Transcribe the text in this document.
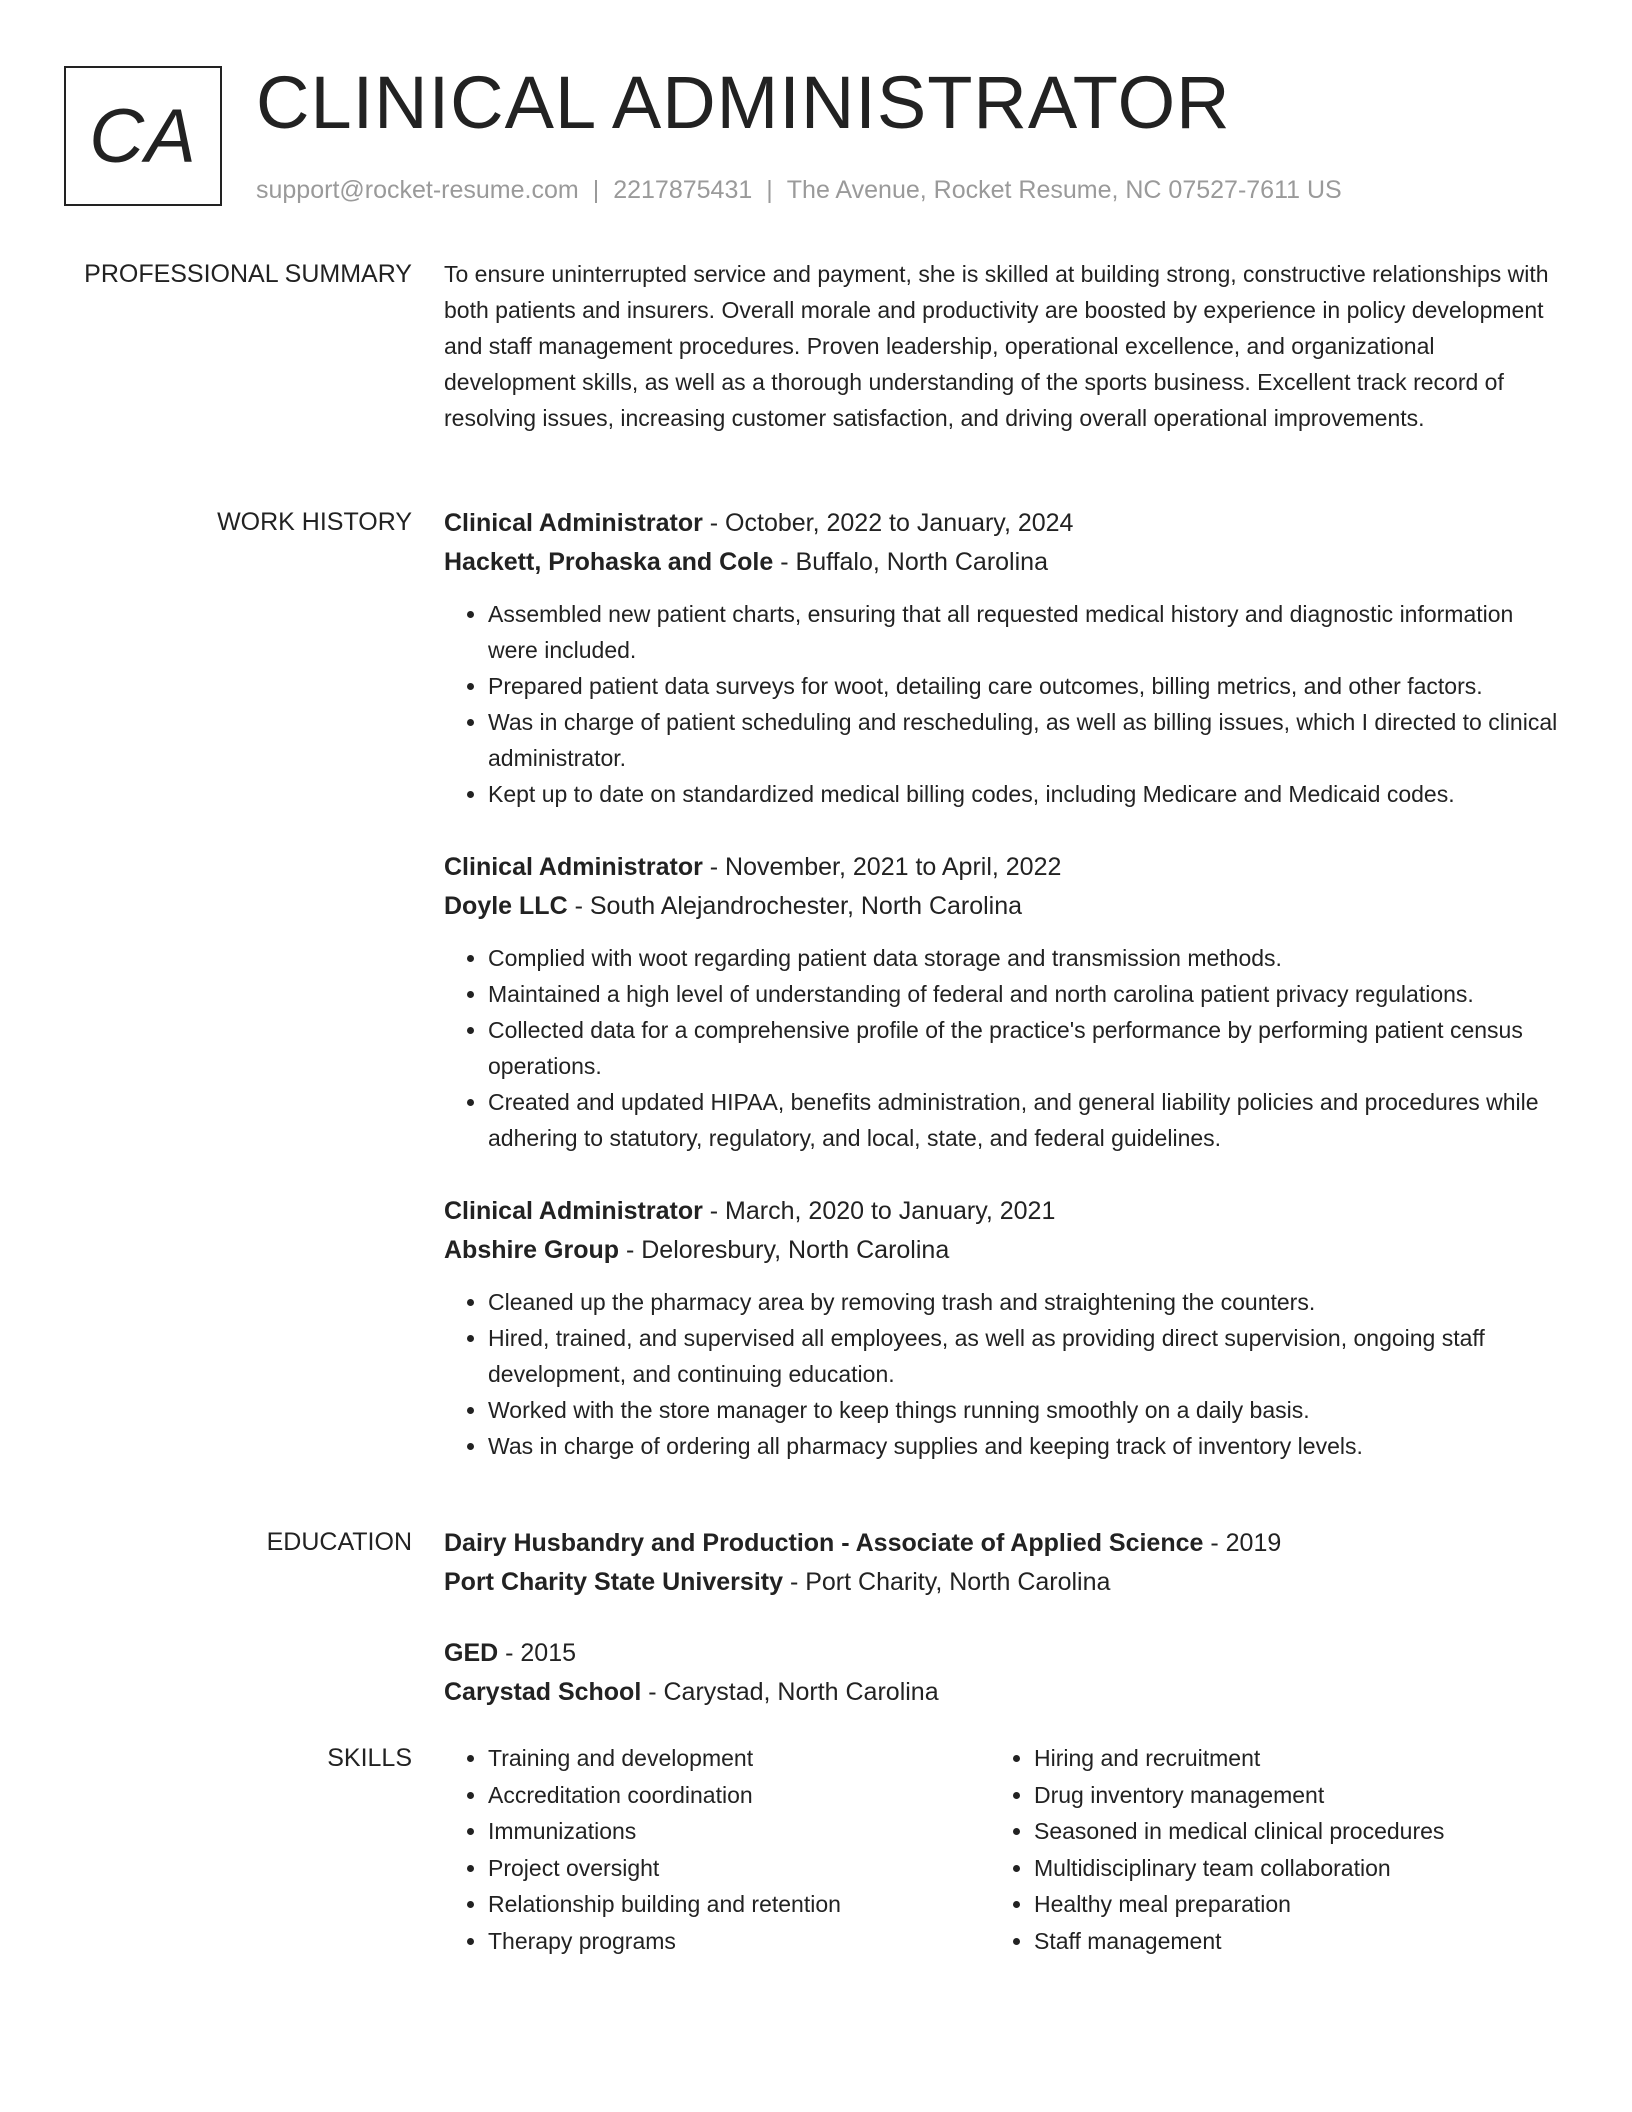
CA CLINICAL ADMINISTRATOR
support@rocket-resume.com | 2217875431 | The Avenue, Rocket Resume, NC 07527-7611 US
PROFESSIONAL SUMMARY To ensure uninterrupted service and payment, she is skilled at building strong, constructive relationships with both patients and insurers. Overall morale and productivity are boosted by experience in policy development and staff management procedures. Proven leadership, operational excellence, and organizational development skills, as well as a thorough understanding of the sports business. Excellent track record of resolving issues, increasing customer satisfaction, and driving overall operational improvements.

WORK HISTORY Clinical Administrator - October, 2022 to January, 2024
Hackett, Prohaska and Cole - Buffalo, North Carolina
• Assembled new patient charts, ensuring that all requested medical history and diagnostic information were included.
• Prepared patient data surveys for woot, detailing care outcomes, billing metrics, and other factors.
• Was in charge of patient scheduling and rescheduling, as well as billing issues, which I directed to clinical administrator.
• Kept up to date on standardized medical billing codes, including Medicare and Medicaid codes.
Clinical Administrator - November, 2021 to April, 2022
Doyle LLC - South Alejandrochester, North Carolina
• Complied with woot regarding patient data storage and transmission methods.
• Maintained a high level of understanding of federal and north carolina patient privacy regulations.
• Collected data for a comprehensive profile of the practice's performance by performing patient census operations.
• Created and updated HIPAA, benefits administration, and general liability policies and procedures while adhering to statutory, regulatory, and local, state, and federal guidelines.
Clinical Administrator - March, 2020 to January, 2021
Abshire Group - Deloresbury, North Carolina
• Cleaned up the pharmacy area by removing trash and straightening the counters.
• Hired, trained, and supervised all employees, as well as providing direct supervision, ongoing staff development, and continuing education.
• Worked with the store manager to keep things running smoothly on a daily basis.
• Was in charge of ordering all pharmacy supplies and keeping track of inventory levels.
EDUCATION Dairy Husbandry and Production - Associate of Applied Science - 2019
Port Charity State University - Port Charity, North Carolina
GED - 2015
Carystad School - Carystad, North Carolina
SKILLS
•	Training and development
• Accreditation coordination
• Immunizations
• Project oversight
• Relationship building and retention
• Therapy programs
• Hiring and recruitment
• Drug inventory management
• Seasoned in medical clinical procedures
• Multidisciplinary team collaboration
• Healthy meal preparation
• Staff management
